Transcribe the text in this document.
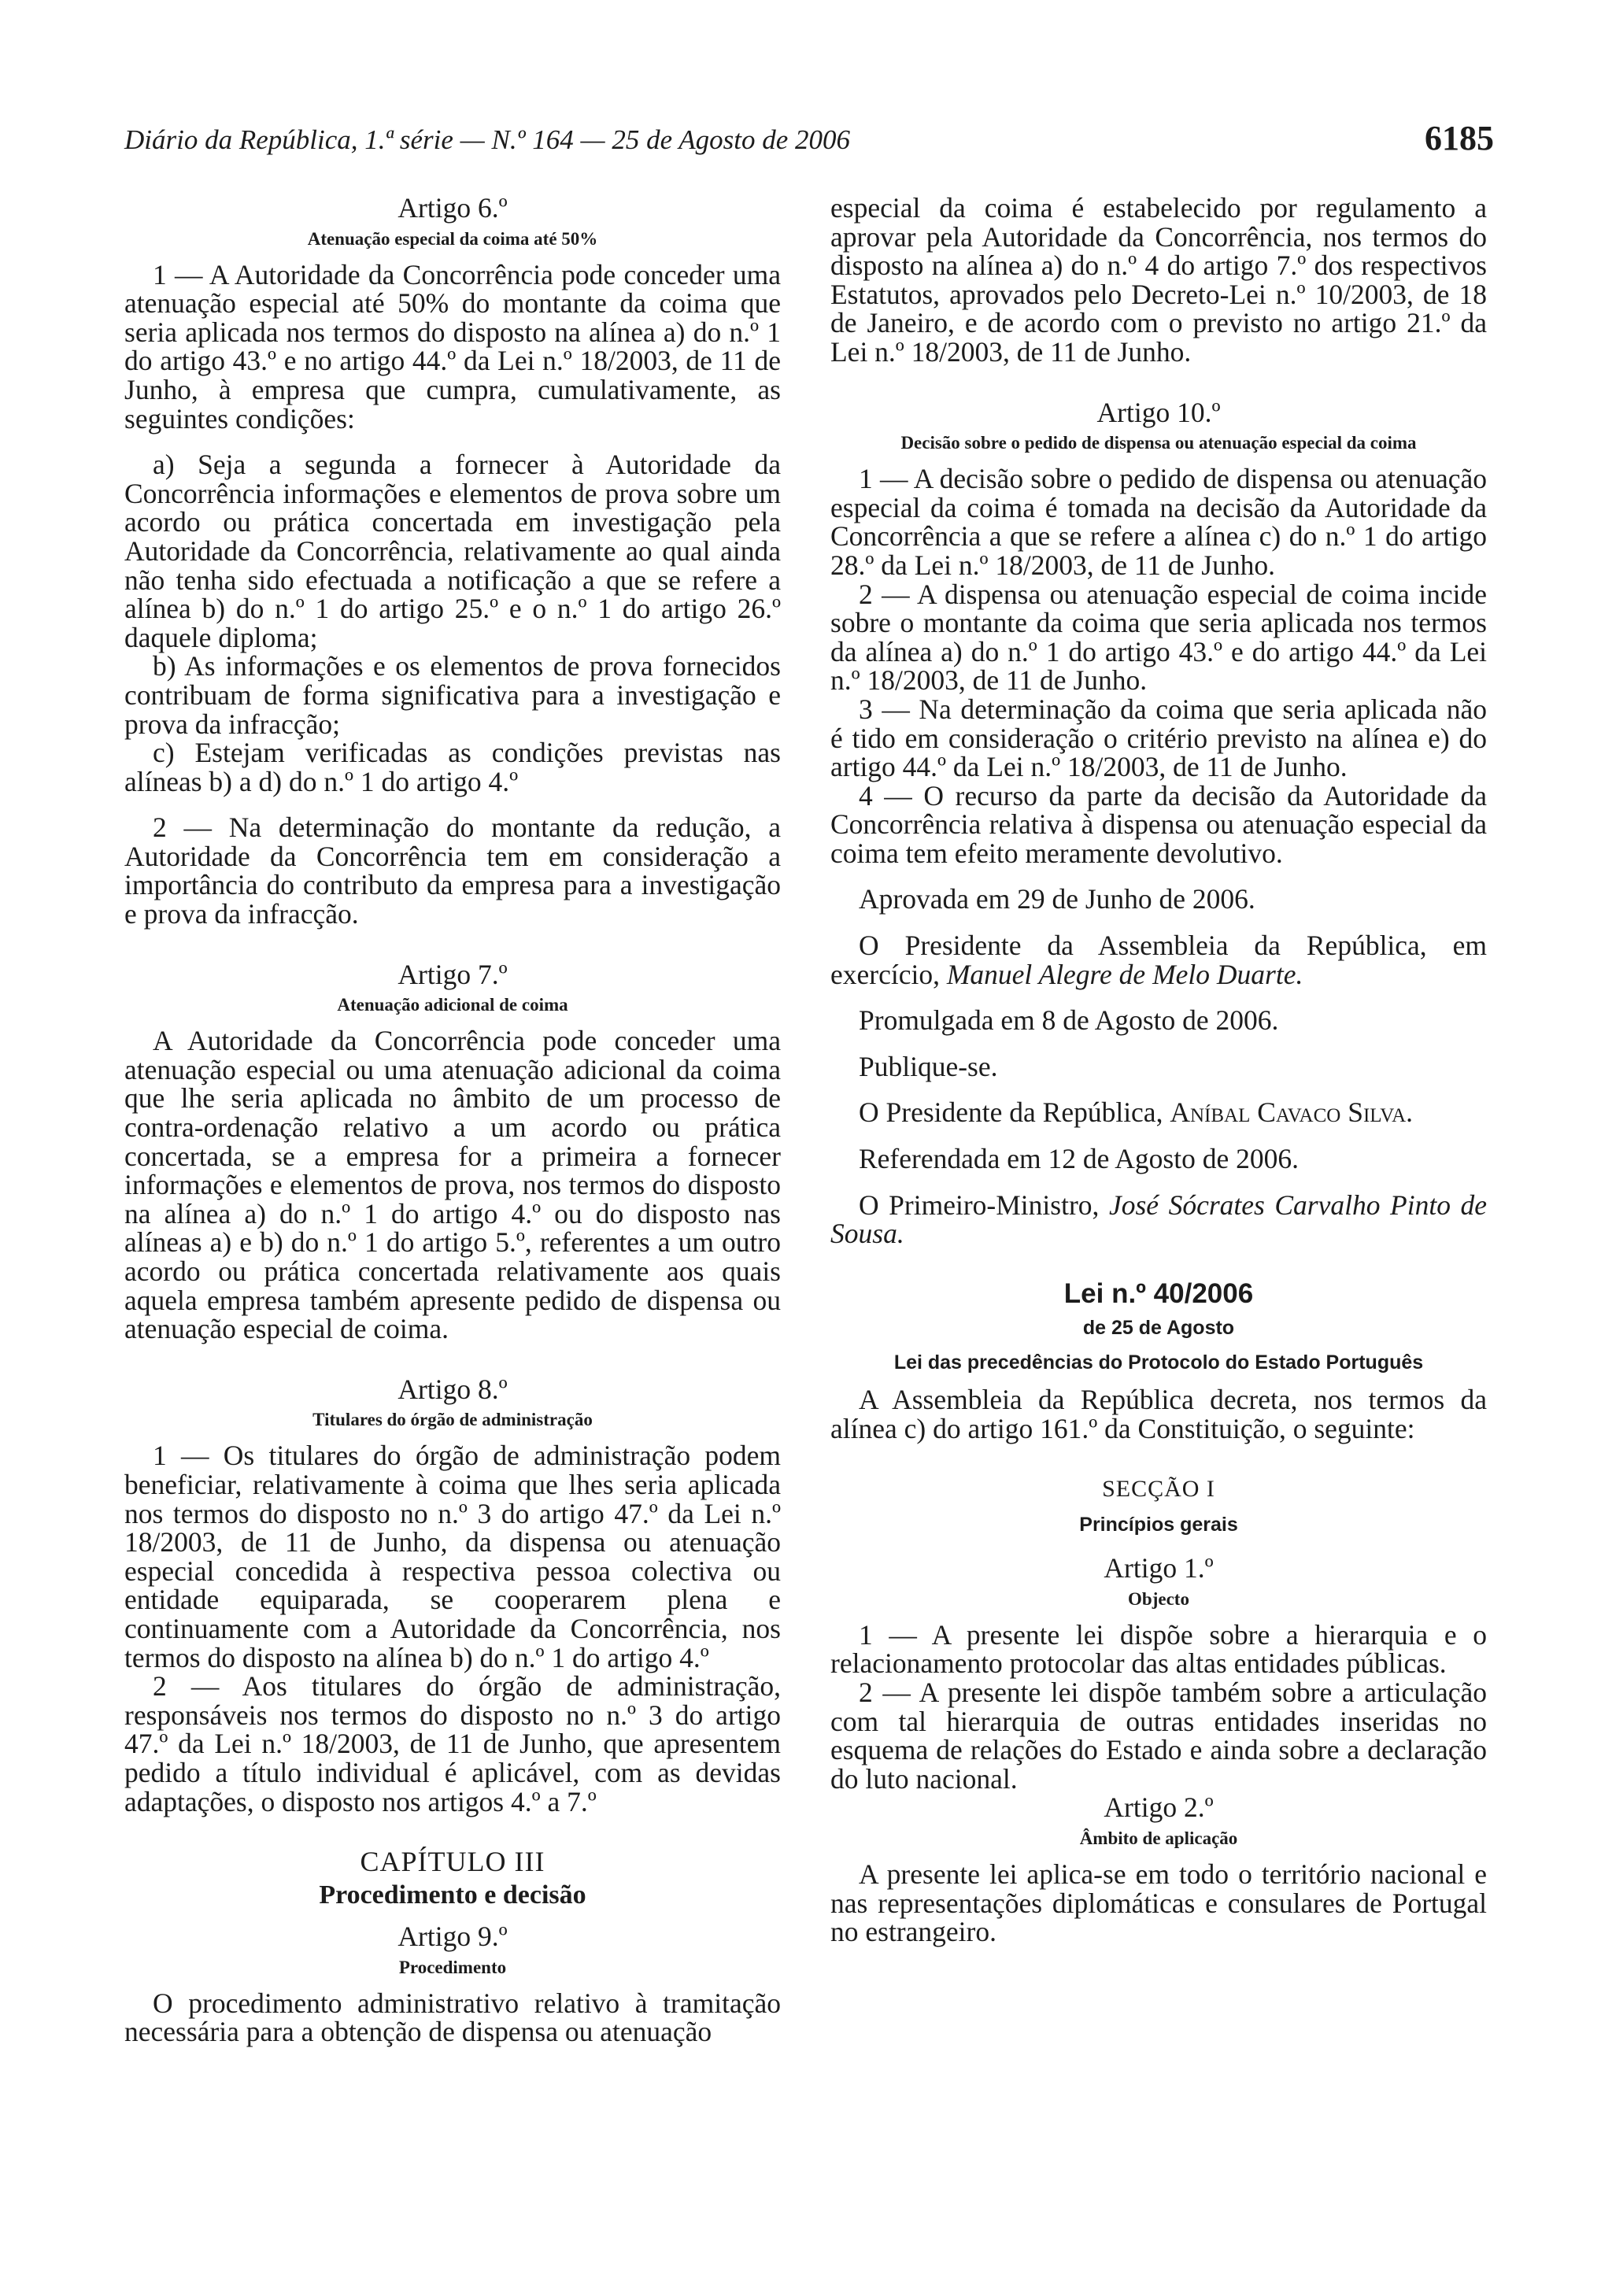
Diário da República, 1.ª série — N.º 164 — 25 de Agosto de 2006	6185
Artigo 6.º
Atenuação especial da coima até 50%

1 — A Autoridade da Concorrência pode conceder uma atenuação especial até 50% do montante da coima que seria aplicada nos termos do disposto na alínea a) do n.º 1 do artigo 43.º e no artigo 44.º da Lei n.º 18/2003, de 11 de Junho, à empresa que cumpra, cumulativamente, as seguintes condições:

a) Seja a segunda a fornecer à Autoridade da Concorrência informações e elementos de prova sobre um acordo ou prática concertada em investigação pela Autoridade da Concorrência, relativamente ao qual ainda não tenha sido efectuada a notificação a que se refere a alínea b) do n.º 1 do artigo 25.º e o n.º 1 do artigo 26.º daquele diploma;

b) As informações e os elementos de prova fornecidos contribuam de forma significativa para a investigação e prova da infracção;

c) Estejam verificadas as condições previstas nas alíneas b) a d) do n.º 1 do artigo 4.º

2 — Na determinação do montante da redução, a Autoridade da Concorrência tem em consideração a importância do contributo da empresa para a investigação e prova da infracção.

Artigo 7.º
Atenuação adicional de coima

A Autoridade da Concorrência pode conceder uma atenuação especial ou uma atenuação adicional da coima que lhe seria aplicada no âmbito de um processo de contra-ordenação relativo a um acordo ou prática concertada, se a empresa for a primeira a fornecer informações e elementos de prova, nos termos do disposto na alínea a) do n.º 1 do artigo 4.º ou do disposto nas alíneas a) e b) do n.º 1 do artigo 5.º, referentes a um outro acordo ou prática concertada relativamente aos quais aquela empresa também apresente pedido de dispensa ou atenuação especial de coima.

Artigo 8.º
Titulares do órgão de administração

1 — Os titulares do órgão de administração podem beneficiar, relativamente à coima que lhes seria aplicada nos termos do disposto no n.º 3 do artigo 47.º da Lei n.º 18/2003, de 11 de Junho, da dispensa ou atenuação especial concedida à respectiva pessoa colectiva ou entidade equiparada, se cooperarem plena e continuamente com a Autoridade da Concorrência, nos termos do disposto na alínea b) do n.º 1 do artigo 4.º

2 — Aos titulares do órgão de administração, responsáveis nos termos do disposto no n.º 3 do artigo 47.º da Lei n.º 18/2003, de 11 de Junho, que apresentem pedido a título individual é aplicável, com as devidas adaptações, o disposto nos artigos 4.º a 7.º

CAPÍTULO III
Procedimento e decisão
Artigo 9.º
Procedimento

O procedimento administrativo relativo à tramitação necessária para a obtenção de dispensa ou atenuação

especial da coima é estabelecido por regulamento a aprovar pela Autoridade da Concorrência, nos termos do disposto na alínea a) do n.º 4 do artigo 7.º dos respectivos Estatutos, aprovados pelo Decreto-Lei n.º 10/2003, de 18 de Janeiro, e de acordo com o previsto no artigo 21.º da Lei n.º 18/2003, de 11 de Junho.

Artigo 10.º
Decisão sobre o pedido de dispensa ou atenuação especial da coima

1 — A decisão sobre o pedido de dispensa ou atenuação especial da coima é tomada na decisão da Autoridade da Concorrência a que se refere a alínea c) do n.º 1 do artigo 28.º da Lei n.º 18/2003, de 11 de Junho.

2 — A dispensa ou atenuação especial de coima incide sobre o montante da coima que seria aplicada nos termos da alínea a) do n.º 1 do artigo 43.º e do artigo 44.º da Lei n.º 18/2003, de 11 de Junho.

3 — Na determinação da coima que seria aplicada não é tido em consideração o critério previsto na alínea e) do artigo 44.º da Lei n.º 18/2003, de 11 de Junho.

4 — O recurso da parte da decisão da Autoridade da Concorrência relativa à dispensa ou atenuação especial da coima tem efeito meramente devolutivo.

Aprovada em 29 de Junho de 2006.

O Presidente da Assembleia da República, em exercício, Manuel Alegre de Melo Duarte.

Promulgada em 8 de Agosto de 2006.

Publique-se.

O Presidente da República, Aníbal Cavaco Silva.

Referendada em 12 de Agosto de 2006.

O Primeiro-Ministro, José Sócrates Carvalho Pinto de Sousa.

Lei n.º 40/2006
de 25 de Agosto
Lei das precedências do Protocolo do Estado Português

A Assembleia da República decreta, nos termos da alínea c) do artigo 161.º da Constituição, o seguinte:

SECÇÃO I
Princípios gerais
Artigo 1.º
Objecto

1 — A presente lei dispõe sobre a hierarquia e o relacionamento protocolar das altas entidades públicas.

2 — A presente lei dispõe também sobre a articulação com tal hierarquia de outras entidades inseridas no esquema de relações do Estado e ainda sobre a declaração do luto nacional.

Artigo 2.º
Âmbito de aplicação

A presente lei aplica-se em todo o território nacional e nas representações diplomáticas e consulares de Portugal no estrangeiro.
